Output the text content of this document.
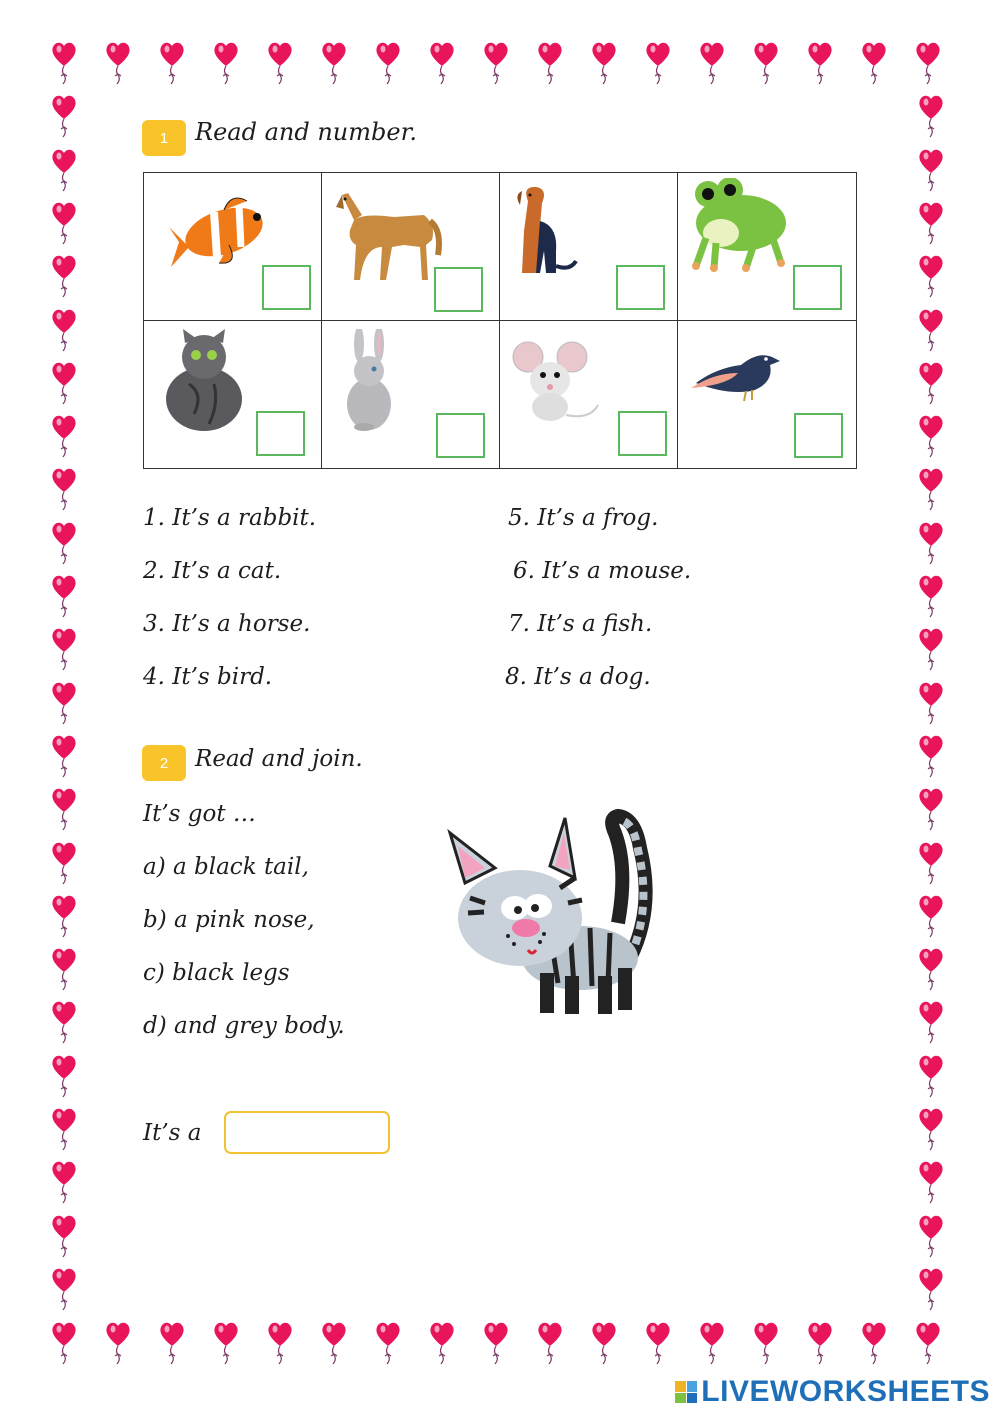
1	Read and number.
1. It’s a rabbit.
2. It’s a cat.
3. It’s a horse.
4. It’s bird.
5. It’s a frog.
6. It’s a mouse.
7. It’s a fish.
8. It’s a dog.
2	Read and join.
It’s got …
a) a black tail,
b) a pink nose,
c) black legs
d) and grey body.
It’s a
LIVEWORKSHEETS
